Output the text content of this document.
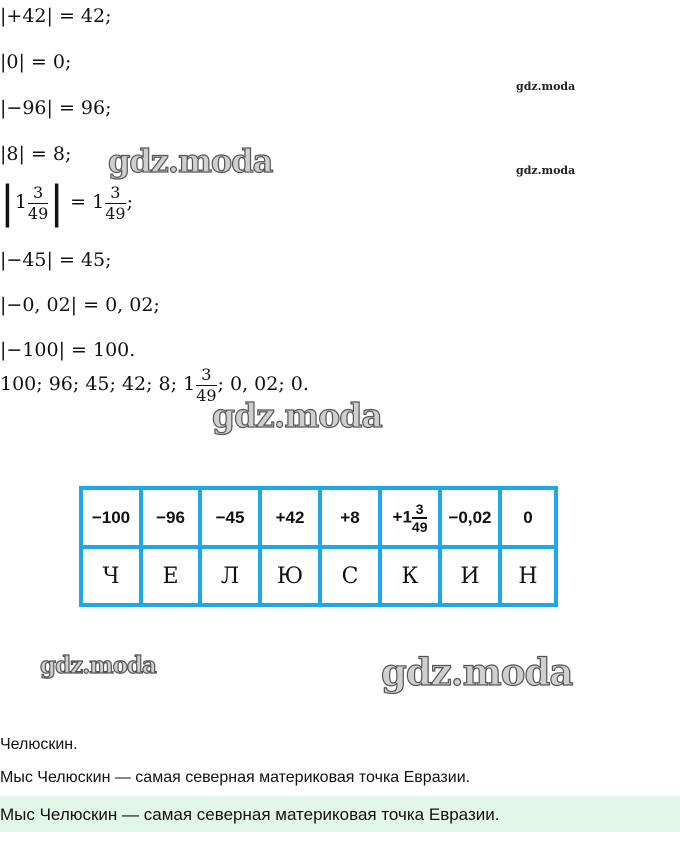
|+42| = 42;
|0| = 0;
|−96| = 96;
|8| = 8;
$|1 \frac{3}{49}$ | = $1 \frac{3}{49}$ ;
|−45| = 45;
|−0, 02| = 0, 02;
|−100| = 100.
100; 96; 45; 42; 8; $1 \frac{3}{49}$ ; 0, 02; 0.
gdz.moda
gdz.moda
gdz.moda
gdz.moda
gdz.moda	gdz.moda
−100	−96	−45	+42	+8	$+1\frac{3}{49}$	−0,02	0
Ч	Е	Л	Ю	С	К	И	Н
Челюскин.
Мыс Челюскин — самая северная материковая точка Евразии.
Мыс Челюскин — самая северная материковая точка Евразии.
